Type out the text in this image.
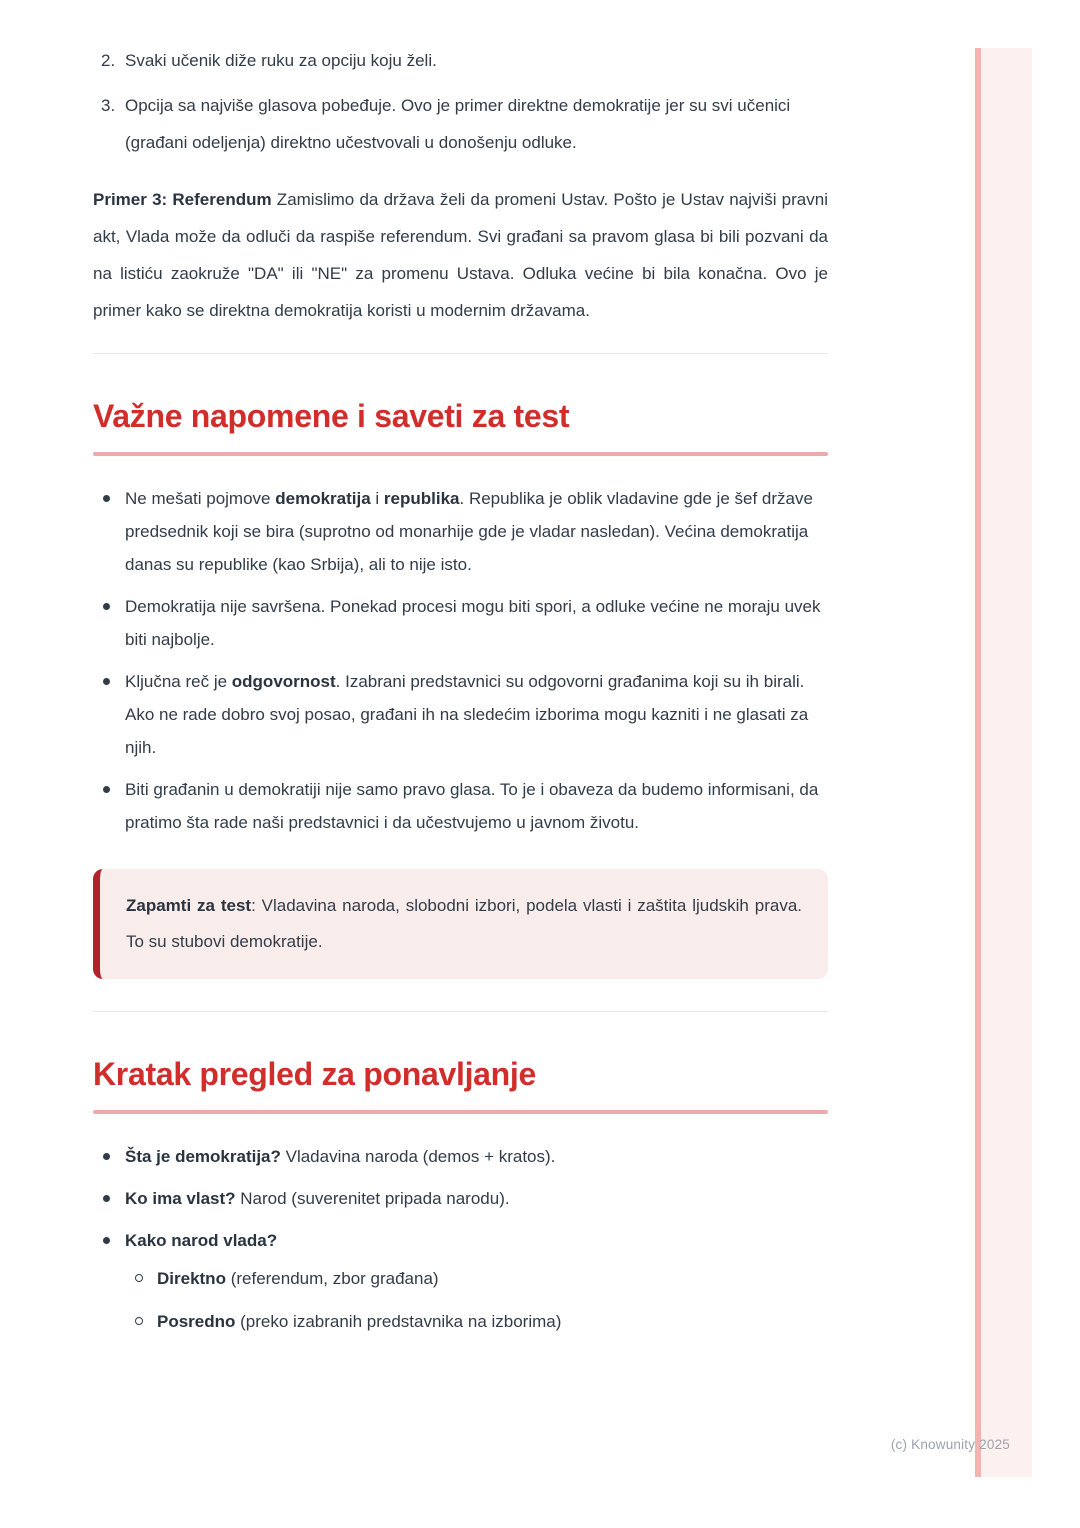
2. Svaki učenik diže ruku za opciju koju želi.
3. Opcija sa najviše glasova pobeđuje. Ovo je primer direktne demokratije jer su svi učenici (građani odeljenja) direktno učestvovali u donošenju odluke.

Primer 3: Referendum Zamislimo da država želi da promeni Ustav. Pošto je Ustav najviši pravni akt, Vlada može da odluči da raspiše referendum. Svi građani sa pravom glasa bi bili pozvani da na listiću zaokruže "DA" ili "NE" za promenu Ustava. Odluka većine bi bila konačna. Ovo je primer kako se direktna demokratija koristi u modernim državama.

Važne napomene i saveti za test
Ne mešati pojmove demokratija i republika. Republika je oblik vladavine gde je šef države predsednik koji se bira (suprotno od monarhije gde je vladar nasledan). Većina demokratija danas su republike (kao Srbija), ali to nije isto.
Demokratija nije savršena. Ponekad procesi mogu biti spori, a odluke većine ne moraju uvek biti najbolje.
Ključna reč je odgovornost. Izabrani predstavnici su odgovorni građanima koji su ih birali. Ako ne rade dobro svoj posao, građani ih na sledećim izborima mogu kazniti i ne glasati za njih.
Biti građanin u demokratiji nije samo pravo glasa. To je i obaveza da budemo informisani, da pratimo šta rade naši predstavnici i da učestvujemo u javnom životu.
Zapamti za test: Vladavina naroda, slobodni izbori, podela vlasti i zaštita ljudskih prava. To su stubovi demokratije.
Kratak pregled za ponavljanje
Šta je demokratija? Vladavina naroda (demos + kratos).
Ko ima vlast? Narod (suverenitet pripada narodu).
Kako narod vlada?
Direktno (referendum, zbor građana)
Posredno (preko izabranih predstavnika na izborima)
(c) Knowunity 2025
